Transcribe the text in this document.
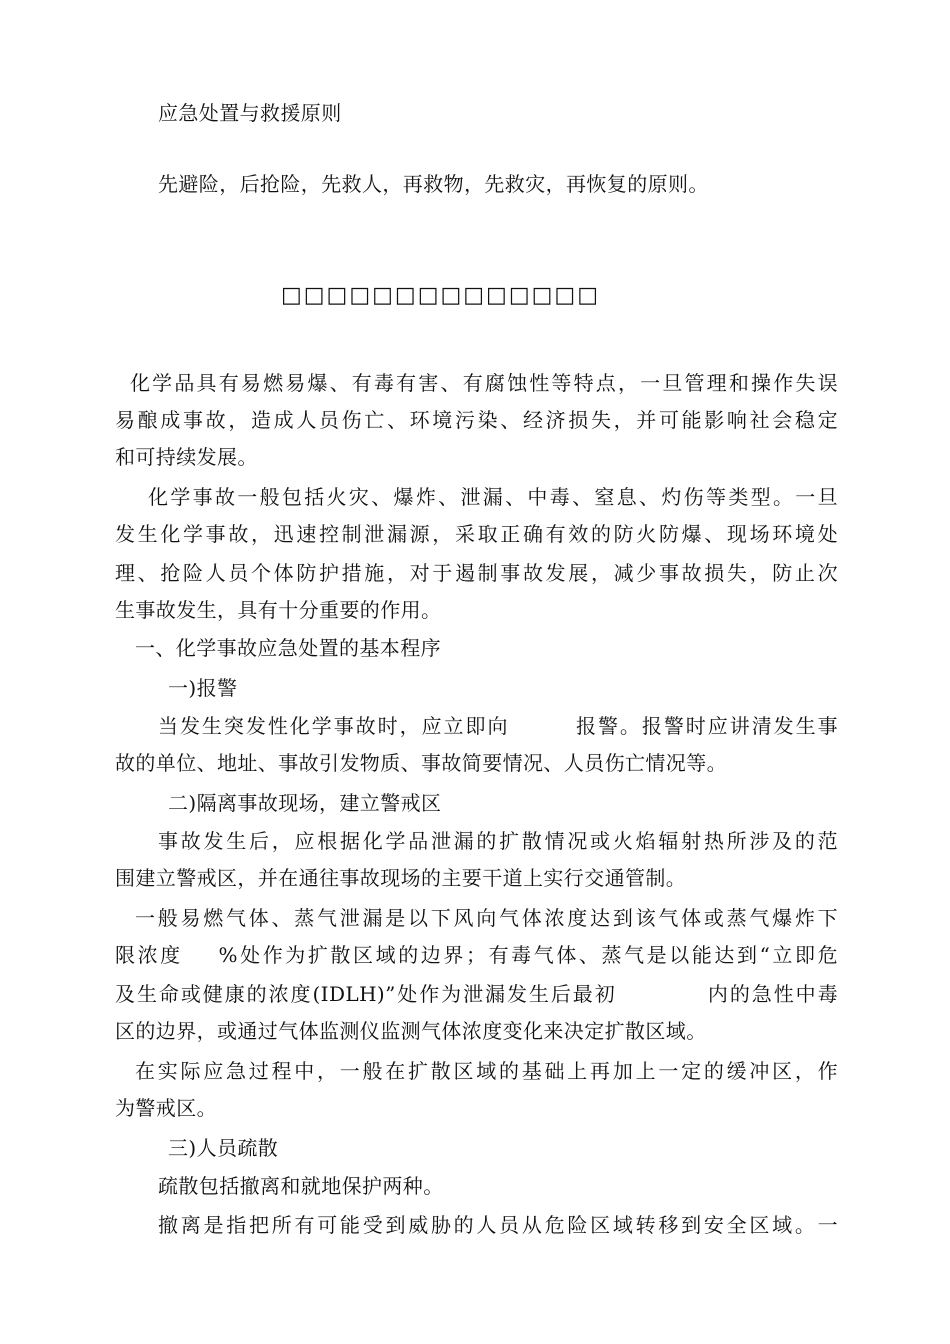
应急处置与救援原则
先避险，后抢险，先救人，再救物，先救灾，再恢复的原则。

□□□□□□□□□□□□□□

化学品具有易燃易爆、有毒有害、有腐蚀性等特点，一旦管理和操作失误
易酿成事故，造成人员伤亡、环境污染、经济损失，并可能影响社会稳定
和可持续发展。
化学事故一般包括火灾、爆炸、泄漏、中毒、窒息、灼伤等类型。一旦
发生化学事故，迅速控制泄漏源，采取正确有效的防火防爆、现场环境处
理、抢险人员个体防护措施，对于遏制事故发展，减少事故损失，防止次
生事故发生，具有十分重要的作用。
一、化学事故应急处置的基本程序
一)报警
当发生突发性化学事故时，应立即向        报警。报警时应讲清发生事
故的单位、地址、事故引发物质、事故简要情况、人员伤亡情况等。
二)隔离事故现场，建立警戒区
事故发生后，应根据化学品泄漏的扩散情况或火焰辐射热所涉及的范
围建立警戒区，并在通往事故现场的主要干道上实行交通管制。
一般易燃气体、蒸气泄漏是以下风向气体浓度达到该气体或蒸气爆炸下
限浓度    %处作为扩散区域的边界；有毒气体、蒸气是以能达到“立即危
及生命或健康的浓度(IDLH)”处作为泄漏发生后最初           内的急性中毒
区的边界，或通过气体监测仪监测气体浓度变化来决定扩散区域。
在实际应急过程中，一般在扩散区域的基础上再加上一定的缓冲区，作
为警戒区。
三)人员疏散
疏散包括撤离和就地保护两种。
撤离是指把所有可能受到威胁的人员从危险区域转移到安全区域。一
